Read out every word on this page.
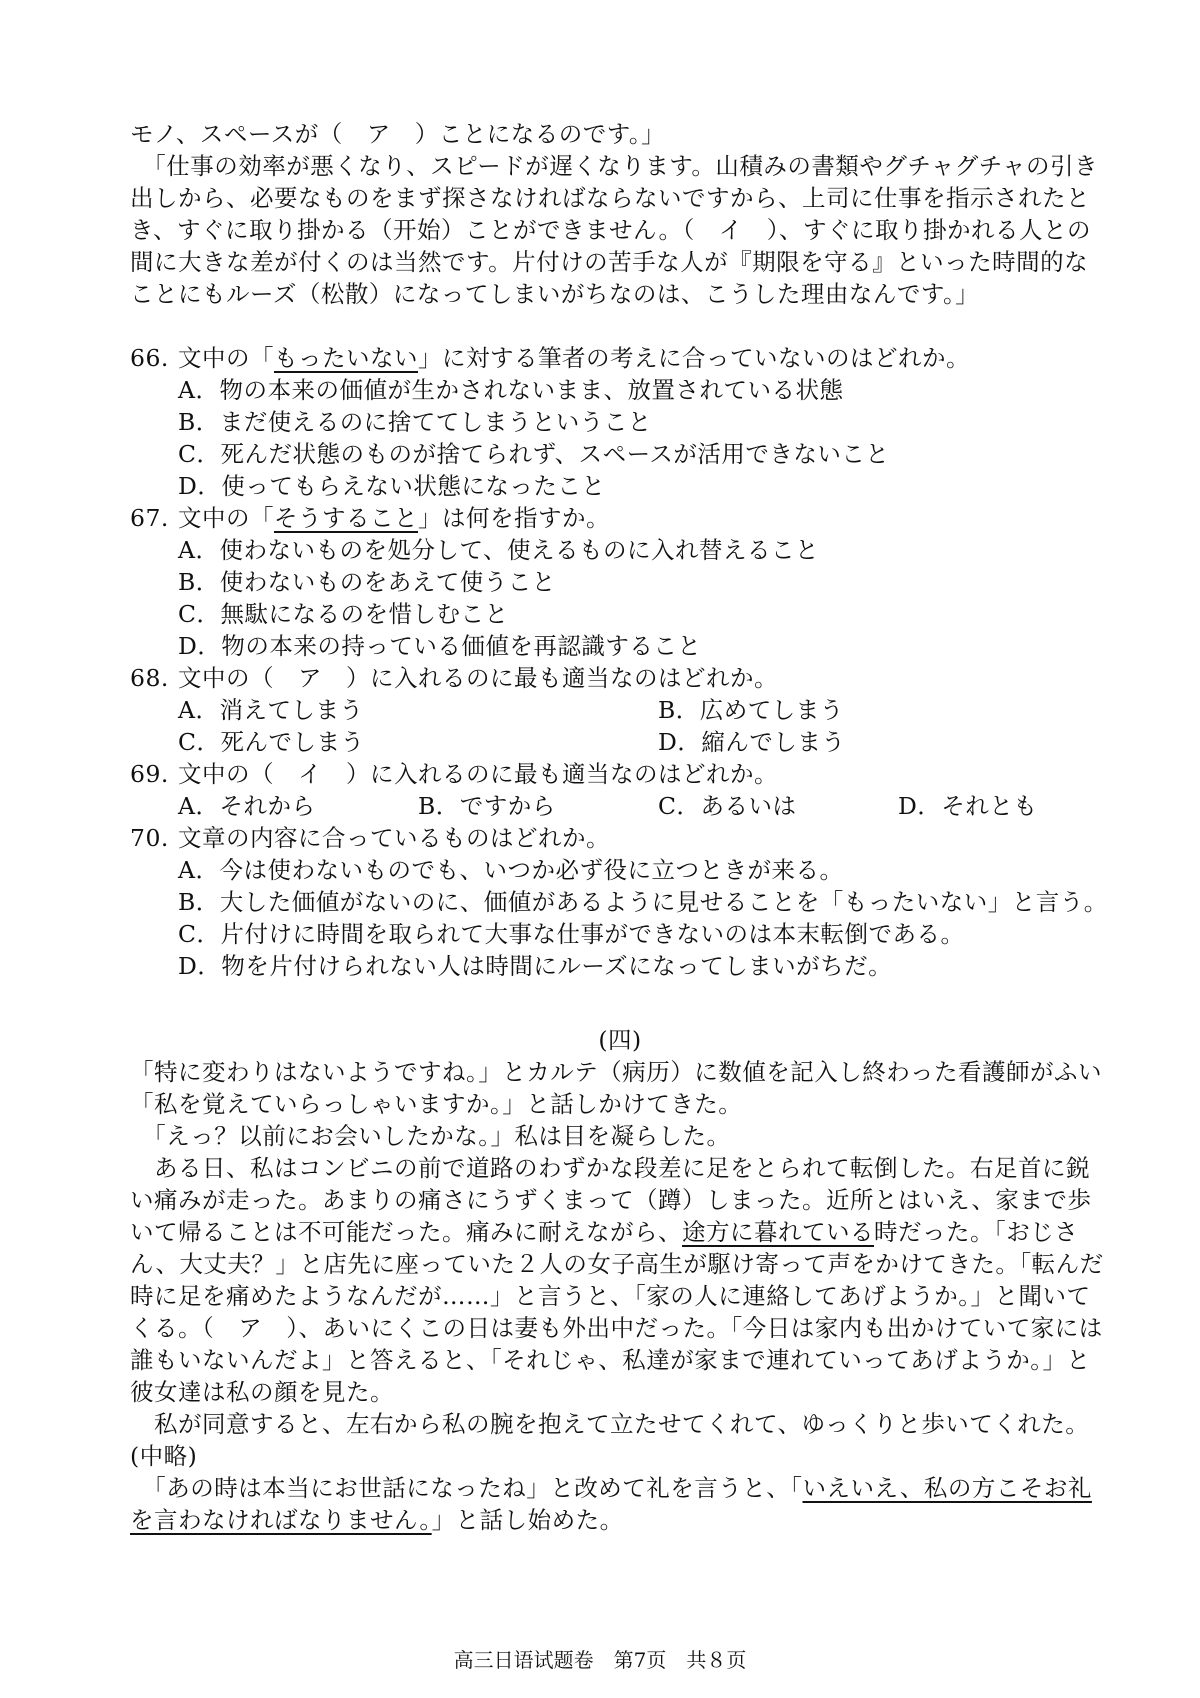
モノ、スペースが（　ア　）ことになるのです。」

　「仕事の効率が悪くなり、スピードが遅くなります。山積みの書類やグチャグチャの引き出しから、必要なものをまず探さなければならないですから、上司に仕事を指示されたとき、すぐに取り掛かる（开始）ことができません。（　イ　）、すぐに取り掛かれる人との間に大きな差が付くのは当然です。片付けの苦手な人が『期限を守る』といった時間的なことにもルーズ（松散）になってしまいがちなのは、こうした理由なんです。」

66. 文中の「もったいない」に対する筆者の考えに合っていないのはどれか。

A．物の本来の価値が生かされないまま、放置されている状態

B．まだ使えるのに捨ててしまうということ

C．死んだ状態のものが捨てられず、スペースが活用できないこと

D．使ってもらえない状態になったこと

67. 文中の「そうすること」は何を指すか。

A．使わないものを処分して、使えるものに入れ替えること

B．使わないものをあえて使うこと

C．無駄になるのを惜しむこと

D．物の本来の持っている価値を再認識すること

68. 文中の（　ア　）に入れるのに最も適当なのはどれか。

A．消えてしまう	B．広めてしまう
C．死んでしまう	D．縮んでしまう

69. 文中の（　イ　）に入れるのに最も適当なのはどれか。

A．それから	B．ですから	C．あるいは	D．それとも

70. 文章の内容に合っているものはどれか。

A．今は使わないものでも、いつか必ず役に立つときが来る。

B．大した価値がないのに、価値があるように見せることを「もったいない」と言う。

C．片付けに時間を取られて大事な仕事ができないのは本末転倒である。

D．物を片付けられない人は時間にルーズになってしまいがちだ。

(四)

「特に変わりはないようですね。」とカルテ（病历）に数値を記入し終わった看護師がふい「私を覚えていらっしゃいますか。」と話しかけてきた。

　「えっ？以前にお会いしたかな。」私は目を凝らした。

　ある日、私はコンビニの前で道路のわずかな段差に足をとられて転倒した。右足首に鋭い痛みが走った。あまりの痛さにうずくまって（蹲）しまった。近所とはいえ、家まで歩いて帰ることは不可能だった。痛みに耐えながら、途方に暮れている時だった。「おじさん、大丈夫？」と店先に座っていた２人の女子高生が駆け寄って声をかけてきた。「転んだ時に足を痛めたようなんだが……」と言うと、「家の人に連絡してあげようか。」と聞いてくる。（　ア　）、あいにくこの日は妻も外出中だった。「今日は家内も出かけていて家には誰もいないんだよ」と答えると、「それじゃ、私達が家まで連れていってあげようか。」と彼女達は私の顔を見た。

　私が同意すると、左右から私の腕を抱えて立たせてくれて、ゆっくりと歩いてくれた。(中略)

　「あの時は本当にお世話になったね」と改めて礼を言うと、「いえいえ、私の方こそお礼を言わなければなりません。」と話し始めた。

高三日语试题卷　第7页　共８页
